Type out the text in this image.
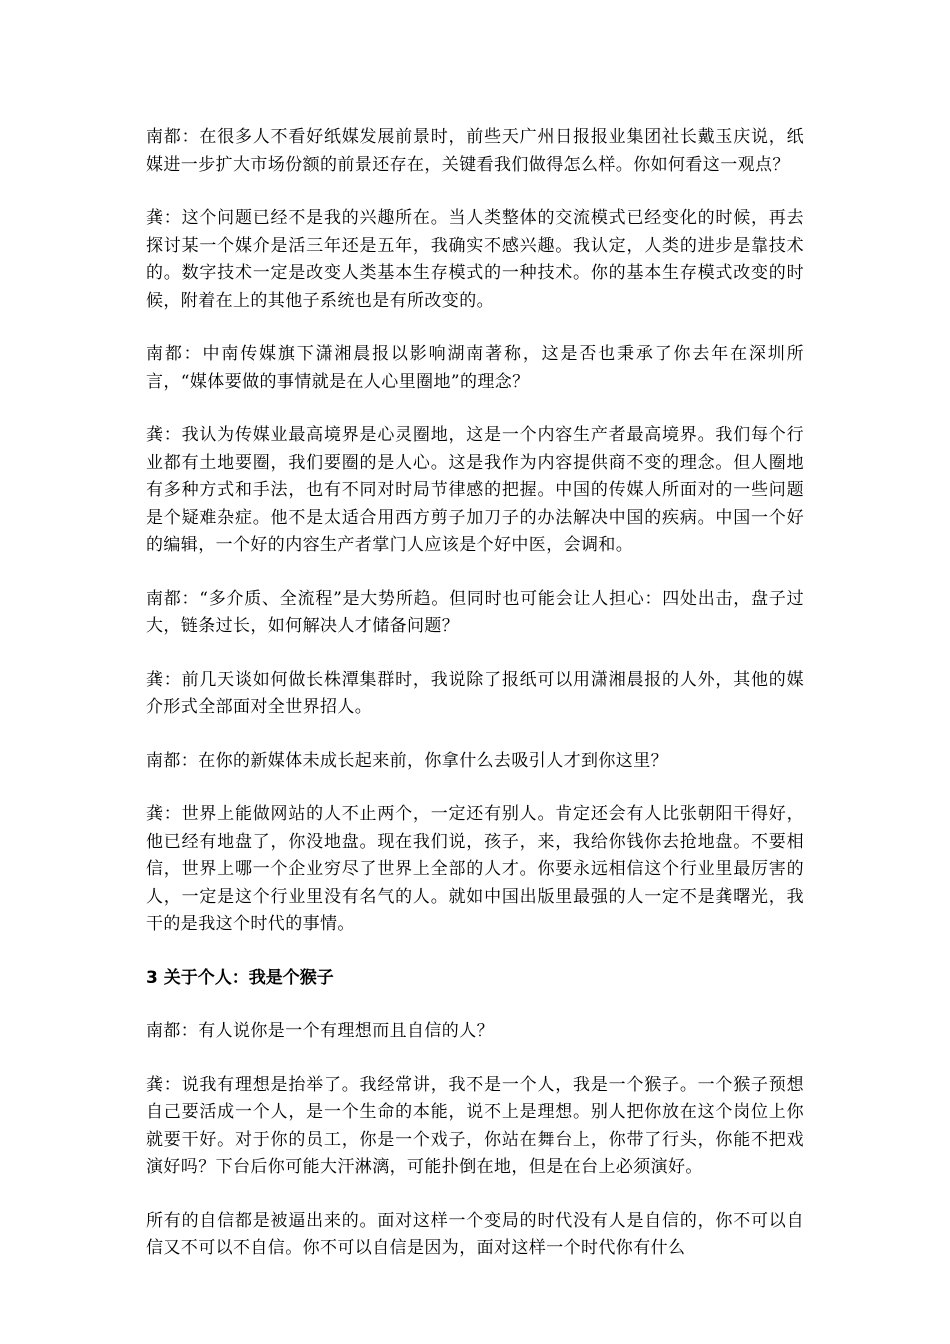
南都：在很多人不看好纸媒发展前景时，前些天广州日报报业集团社长戴玉庆说，纸媒进一步扩大市场份额的前景还存在，关键看我们做得怎么样。你如何看这一观点？

龚：这个问题已经不是我的兴趣所在。当人类整体的交流模式已经变化的时候，再去探讨某一个媒介是活三年还是五年，我确实不感兴趣。我认定，人类的进步是靠技术的。数字技术一定是改变人类基本生存模式的一种技术。你的基本生存模式改变的时候，附着在上的其他子系统也是有所改变的。

南都：中南传媒旗下潇湘晨报以影响湖南著称，这是否也秉承了你去年在深圳所言，“媒体要做的事情就是在人心里圈地”的理念？

龚：我认为传媒业最高境界是心灵圈地，这是一个内容生产者最高境界。我们每个行业都有土地要圈，我们要圈的是人心。这是我作为内容提供商不变的理念。但人圈地有多种方式和手法，也有不同对时局节律感的把握。中国的传媒人所面对的一些问题是个疑难杂症。他不是太适合用西方剪子加刀子的办法解决中国的疾病。中国一个好的编辑，一个好的内容生产者掌门人应该是个好中医，会调和。

南都：“多介质、全流程”是大势所趋。但同时也可能会让人担心：四处出击，盘子过大，链条过长，如何解决人才储备问题？

龚：前几天谈如何做长株潭集群时，我说除了报纸可以用潇湘晨报的人外，其他的媒介形式全部面对全世界招人。

南都：在你的新媒体未成长起来前，你拿什么去吸引人才到你这里？

龚：世界上能做网站的人不止两个，一定还有别人。肯定还会有人比张朝阳干得好，他已经有地盘了，你没地盘。现在我们说，孩子，来，我给你钱你去抢地盘。不要相信，世界上哪一个企业穷尽了世界上全部的人才。你要永远相信这个行业里最厉害的人，一定是这个行业里没有名气的人。就如中国出版里最强的人一定不是龚曙光，我干的是我这个时代的事情。

3 关于个人：我是个猴子

南都：有人说你是一个有理想而且自信的人？

龚：说我有理想是抬举了。我经常讲，我不是一个人，我是一个猴子。一个猴子预想自己要活成一个人，是一个生命的本能，说不上是理想。别人把你放在这个岗位上你就要干好。对于你的员工，你是一个戏子，你站在舞台上，你带了行头，你能不把戏演好吗？下台后你可能大汗淋漓，可能扑倒在地，但是在台上必须演好。

所有的自信都是被逼出来的。面对这样一个变局的时代没有人是自信的，你不可以自信又不可以不自信。你不可以自信是因为，面对这样一个时代你有什么
